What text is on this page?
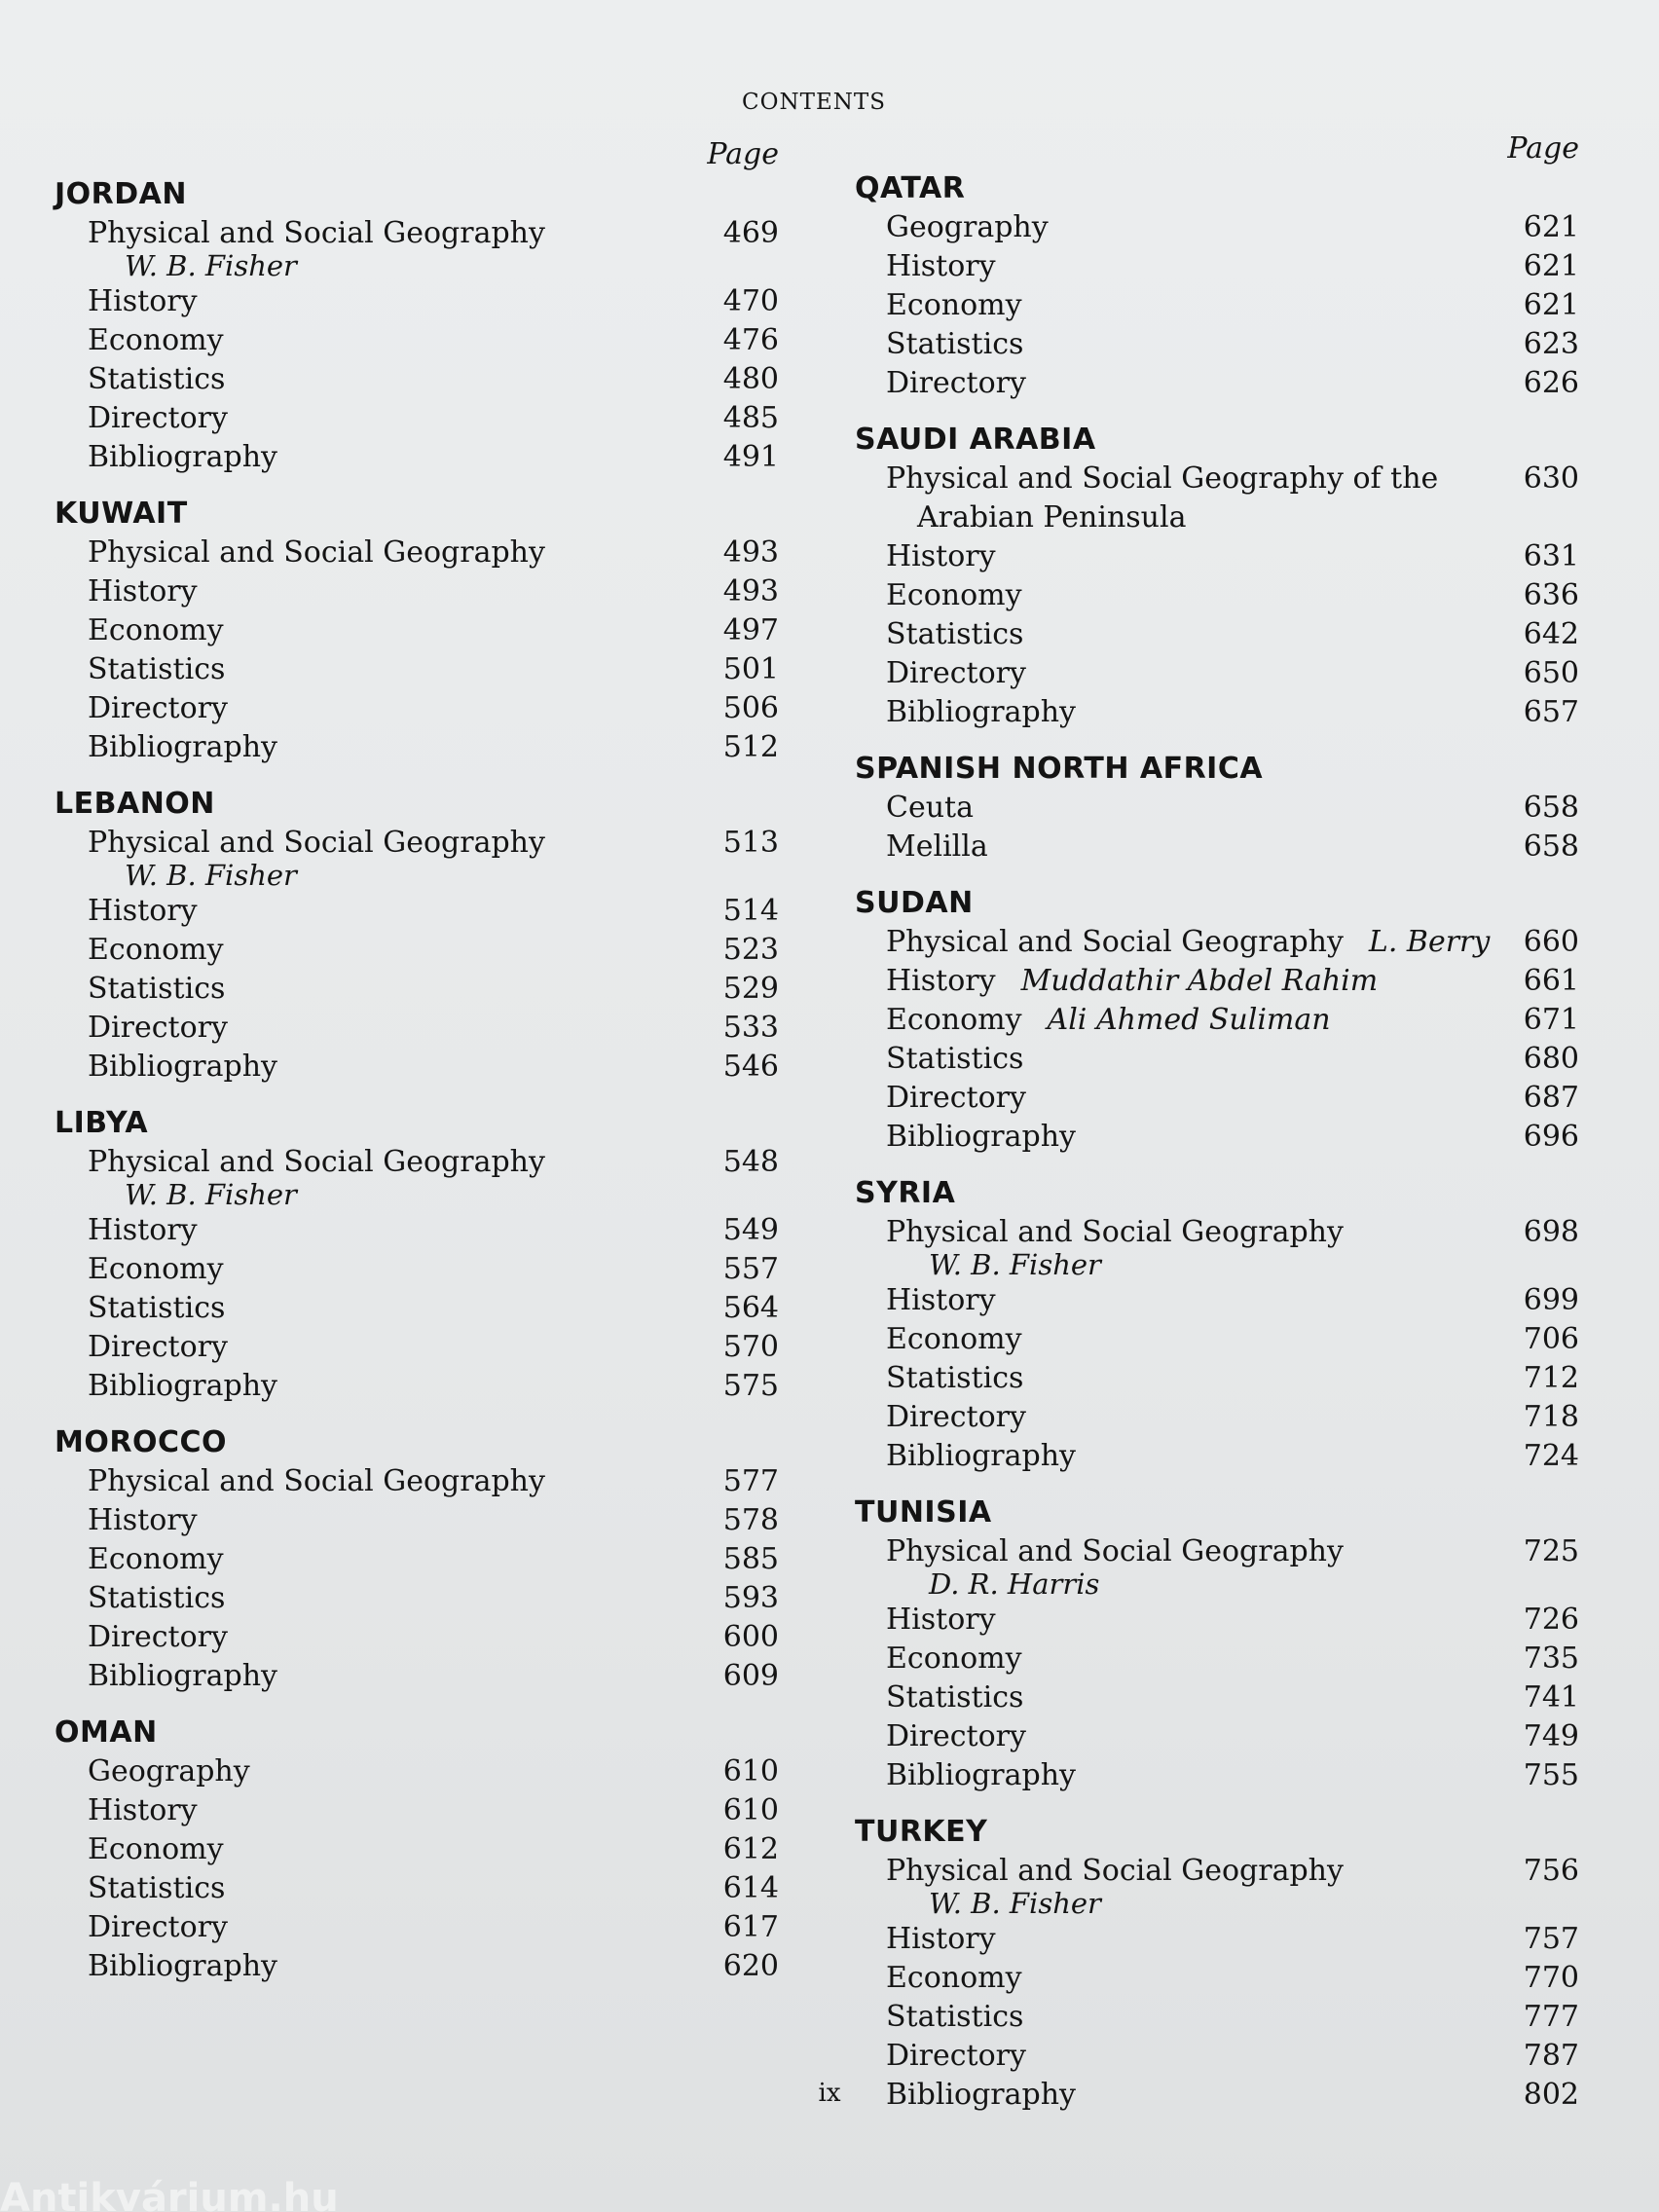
CONTENTS
Page
JORDAN
Physical and Social Geography	469
W. B. Fisher
History	470
Economy	476
Statistics	480
Directory	485
Bibliography	491
KUWAIT
Physical and Social Geography	493
History	493
Economy	497
Statistics	501
Directory	506
Bibliography	512
LEBANON
Physical and Social Geography	513
W. B. Fisher
History	514
Economy	523
Statistics	529
Directory	533
Bibliography	546
LIBYA
Physical and Social Geography	548
W. B. Fisher
History	549
Economy	557
Statistics	564
Directory	570
Bibliography	575
MOROCCO
Physical and Social Geography	577
History	578
Economy	585
Statistics	593
Directory	600
Bibliography	609
OMAN
Geography	610
History	610
Economy	612
Statistics	614
Directory	617
Bibliography	620
Page
QATAR
Geography	621
History	621
Economy	621
Statistics	623
Directory	626
SAUDI ARABIA
Physical and Social Geography of the	630
Arabian Peninsula
History	631
Economy	636
Statistics	642
Directory	650
Bibliography	657
SPANISH NORTH AFRICA
Ceuta	658
Melilla	658
SUDAN
Physical and Social Geography L. Berry	660
History Muddathir Abdel Rahim	661
Economy Ali Ahmed Suliman	671
Statistics	680
Directory	687
Bibliography	696
SYRIA
Physical and Social Geography	698
W. B. Fisher
History	699
Economy	706
Statistics	712
Directory	718
Bibliography	724
TUNISIA
Physical and Social Geography	725
D. R. Harris
History	726
Economy	735
Statistics	741
Directory	749
Bibliography	755
TURKEY
Physical and Social Geography	756
W. B. Fisher
History	757
Economy	770
Statistics	777
Directory	787
Bibliography	802
ix
Antikvárium.hu
